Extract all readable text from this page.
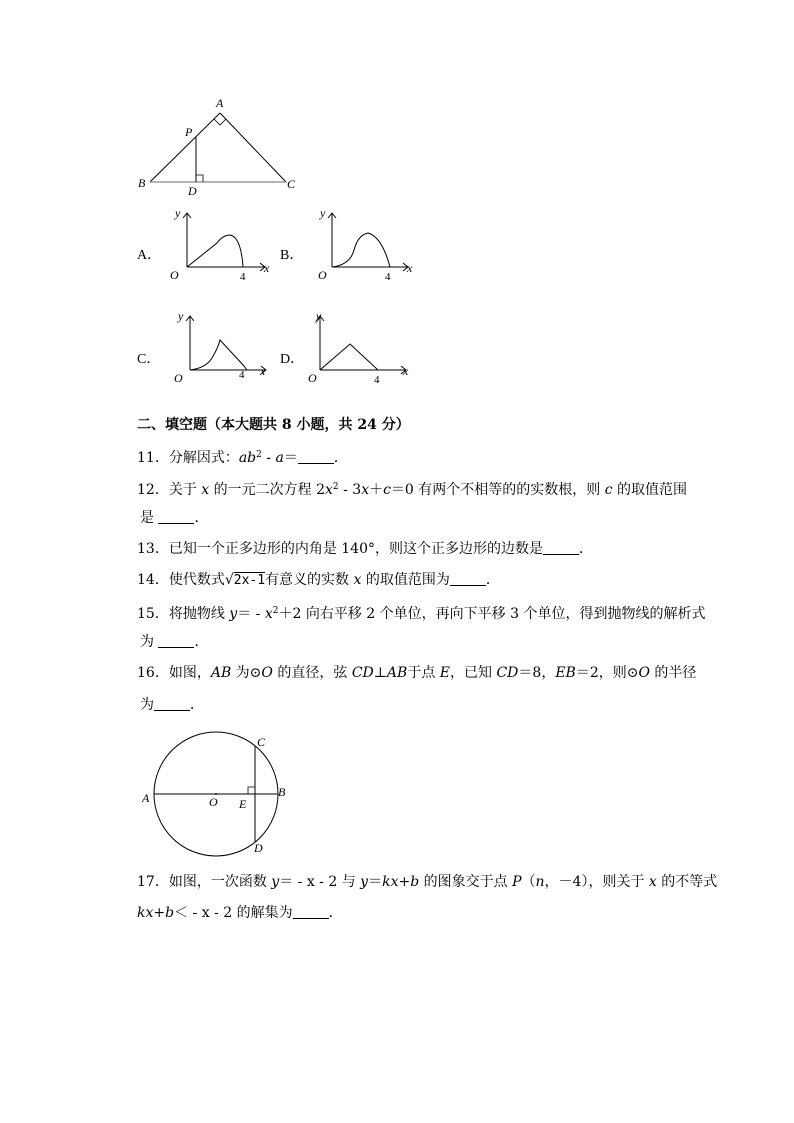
A
P
B
D	C
A．
y
O	4
x
B．
y
O	4
x
C．
y
O	4 x
D．
y
O	4
x
二、填空题（本大题共 8 小题，共 24 分）
11．分解因式：$ab^2 - a=$	．
12．关于 x 的一元二次方程 $2x^2 - 3x+c=0$ 有两个不相等的的实数根，则 c 的取值范围
是	．
13．已知一个正多边形的内角是 140°，则这个正多边形的边数是	．
14．使代数式√2x-1有意义的实数 x 的取值范围为	．
15．将抛物线 $y= - x^2+2$ 向右平移 2 个单位，再向下平移 3 个单位，得到抛物线的解析式
为	．
16．如图，AB 为⊙O 的直径，弦 CD⊥AB于点 E，已知 CD＝8，EB＝2，则⊙O 的半径
为	．
C
A	O E
B
D
17．如图，一次函数 y＝ - x - 2 与 y＝kx+b 的图象交于点 P（n，－4），则关于 x 的不等式
kx+b＜ - x - 2 的解集为	．
